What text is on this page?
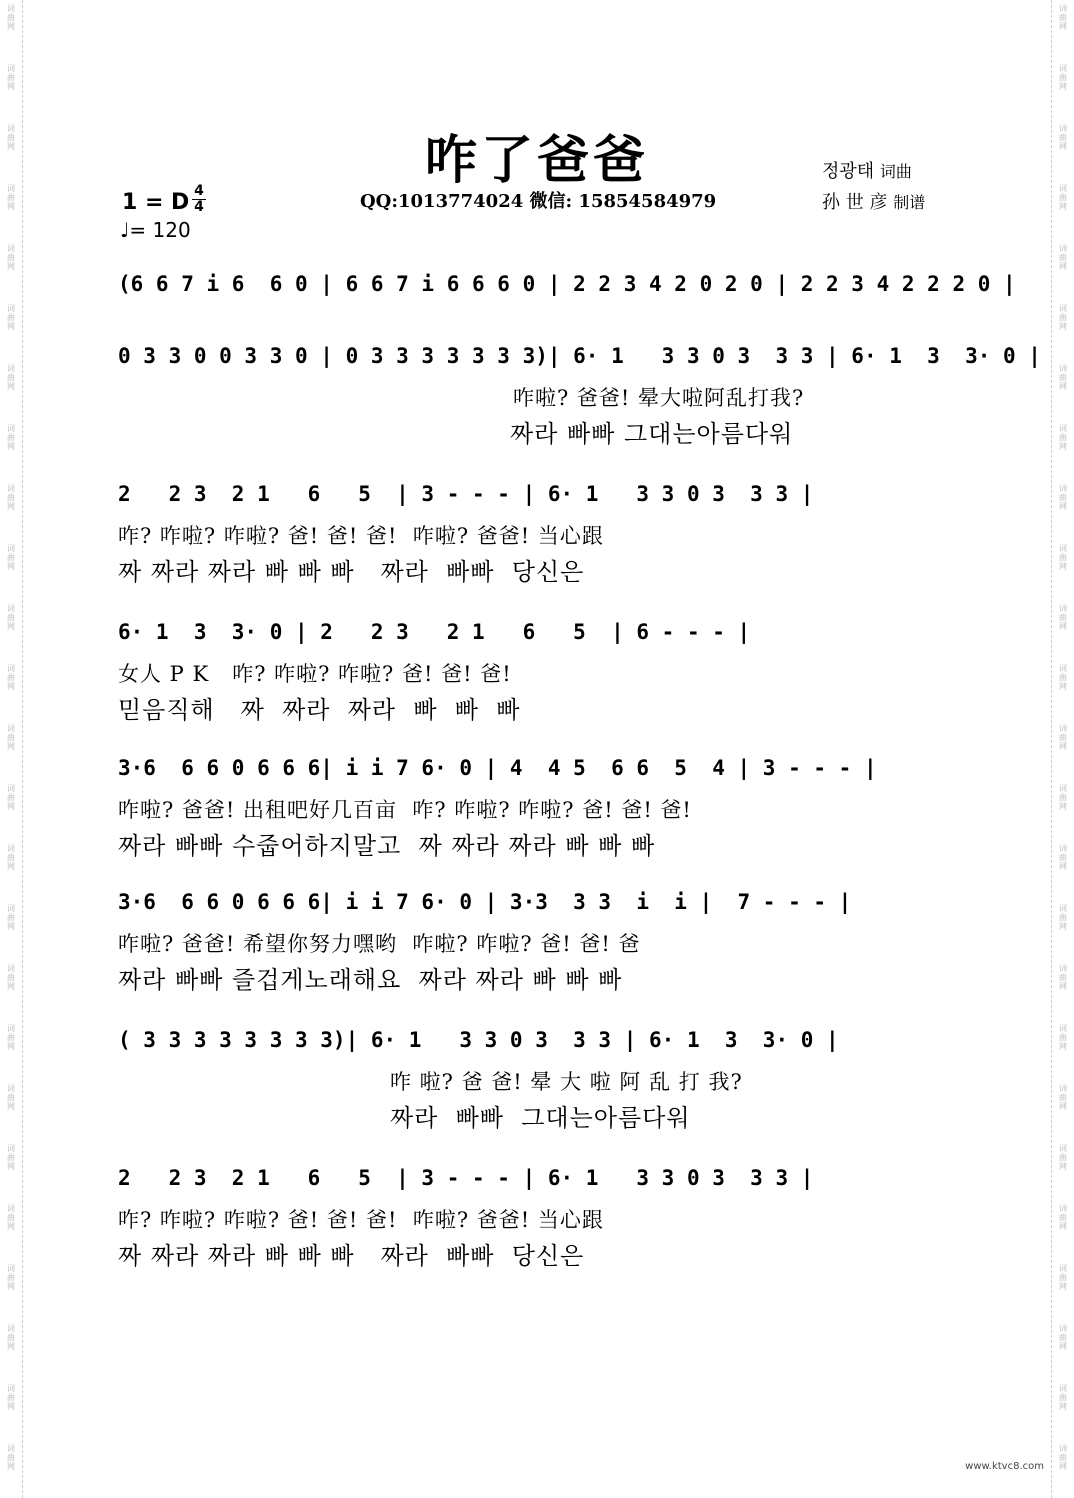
词
曲
网
词
曲
网
词
曲
网
词
曲
网
词
曲
网
词
曲
网
词
曲
网
词
曲
网
词
曲
网
词
曲
网
词
曲
网
词
曲
网
词
曲
网
词
曲
网
词
曲
网
词
曲
网
词
曲
网
词
曲
网
词
曲
网
词
曲
网
词
曲
网
词
曲
网
词
曲
网
词
曲
网
词
曲
网
词
曲
网
词
曲
网
词
曲
网
词
曲
网
词
曲
网
词
曲
网
词
曲
网
词
曲
网
词
曲
网
词
曲
网
词
曲
网
词
曲
网
词
曲
网
词
曲
网
词
曲
网
词
曲
网
词
曲
网
词
曲
网
词
曲
网
词
曲
网
词
曲
网
词
曲
网
词
曲
网
词
曲
网
词
曲
网
咋了爸爸
1 = D 4
4
♩= 120
QQ:1013774024 微信: 15854584979
정광태 词曲
孙 世 彦 制谱
(6 6 7 i 6  6 0 | 6 6 7 i 6 6 6 0 | 2 2 3 4 2 0 2 0 | 2 2 3 4 2 2 2 0 |
0 3 3 0 0 3 3 0 | 0 3 3 3 3 3 3 3)| 6· 1   3 3 0 3  3 3 | 6· 1  3  3· 0 |
咋啦? 爸爸! 晕大啦阿乱打我?
짜라 빠빠 그대는아름다워
2   2 3  2 1   6   5  | 3 - - - | 6· 1   3 3 0 3  3 3 |
咋? 咋啦? 咋啦? 爸! 爸! 爸!  咋啦? 爸爸! 当心跟
짜 짜라 짜라 빠 빠 빠   짜라  빠빠  당신은
6· 1  3  3· 0 | 2   2 3   2 1   6   5  | 6 - - - |
女人 P K   咋? 咋啦? 咋啦? 爸! 爸! 爸!
믿음직해   짜  짜라  짜라  빠  빠  빠
3·6  6 6 0 6 6 6| i i 7 6· 0 | 4  4 5  6 6  5  4 | 3 - - - |
咋啦? 爸爸! 出租吧好几百亩  咋? 咋啦? 咋啦? 爸! 爸! 爸!
짜라 빠빠 수줍어하지말고  짜 짜라 짜라 빠 빠 빠
3·6  6 6 0 6 6 6| i i 7 6· 0 | 3·3  3 3  i  i |  7 - - - |
咋啦? 爸爸! 希望你努力嘿哟  咋啦? 咋啦? 爸! 爸! 爸
짜라 빠빠 즐겁게노래해요  짜라 짜라 빠 빠 빠
( 3 3 3 3 3 3 3 3)| 6· 1   3 3 0 3  3 3 | 6· 1  3  3· 0 |
咋 啦? 爸 爸! 晕 大 啦 阿 乱 打 我?
짜라  빠빠  그대는아름다워
2   2 3  2 1   6   5  | 3 - - - | 6· 1   3 3 0 3  3 3 |
咋? 咋啦? 咋啦? 爸! 爸! 爸!  咋啦? 爸爸! 当心跟
짜 짜라 짜라 빠 빠 빠   짜라  빠빠  당신은
www.ktvc8.com
